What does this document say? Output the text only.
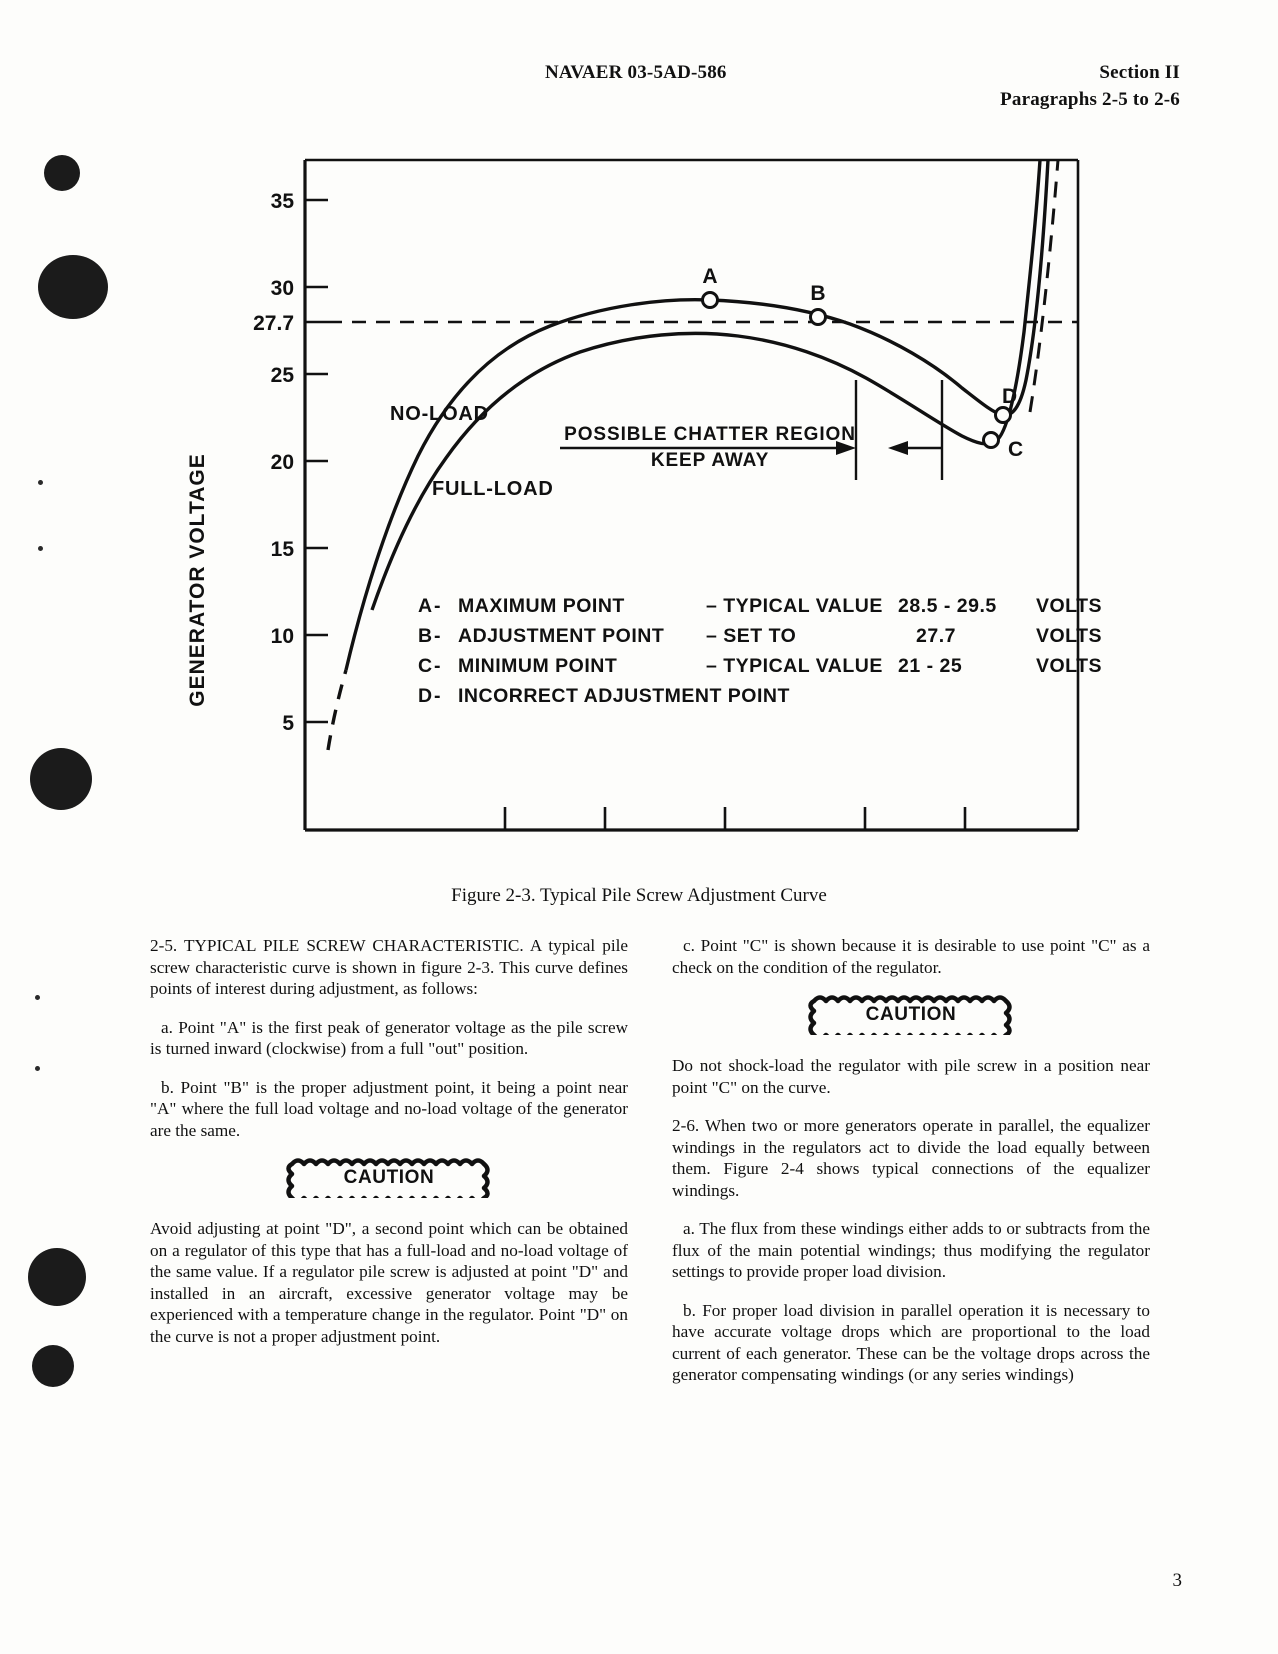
NAVAER 03-5AD-586	Section II
Paragraphs 2-5 to 2-6
35
30
27.7
25
20
15
10
5
GENERATOR VOLTAGE
A
B
C
D
NO-LOAD
FULL-LOAD
POSSIBLE CHATTER REGION
KEEP AWAY
A - MAXIMUM POINT	– TYPICAL VALUE 28.5 - 29.5 VOLTS
B - ADJUSTMENT POINT – SET TO	27.7	VOLTS
C - MINIMUM POINT	– TYPICAL VALUE 21 - 25	VOLTS
D - INCORRECT ADJUSTMENT POINT
Figure 2-3. Typical Pile Screw Adjustment Curve

2-5. TYPICAL PILE SCREW CHARACTERISTIC. A typical pile screw characteristic curve is shown in figure 2-3. This curve defines points of interest during adjustment, as follows:

a. Point "A" is the first peak of generator voltage as the pile screw is turned inward (clockwise) from a full "out" position.

b. Point "B" is the proper adjustment point, it being a point near "A" where the full load voltage and no-load voltage of the generator are the same.

CAUTION

Avoid adjusting at point "D", a second point which can be obtained on a regulator of this type that has a full-load and no-load voltage of the same value. If a regulator pile screw is adjusted at point "D" and installed in an aircraft, excessive generator voltage may be experienced with a temperature change in the regulator. Point "D" on the curve is not a proper adjustment point.

c. Point "C" is shown because it is desirable to use point "C" as a check on the condition of the regulator.

CAUTION

Do not shock-load the regulator with pile screw in a position near point "C" on the curve.

2-6. When two or more generators operate in parallel, the equalizer windings in the regulators act to divide the load equally between them. Figure 2-4 shows typical connections of the equalizer windings.

a. The flux from these windings either adds to or subtracts from the flux of the main potential windings; thus modifying the regulator settings to provide proper load division.

b. For proper load division in parallel operation it is necessary to have accurate voltage drops which are proportional to the load current of each generator. These can be the voltage drops across the generator compensating windings (or any series windings)

3
